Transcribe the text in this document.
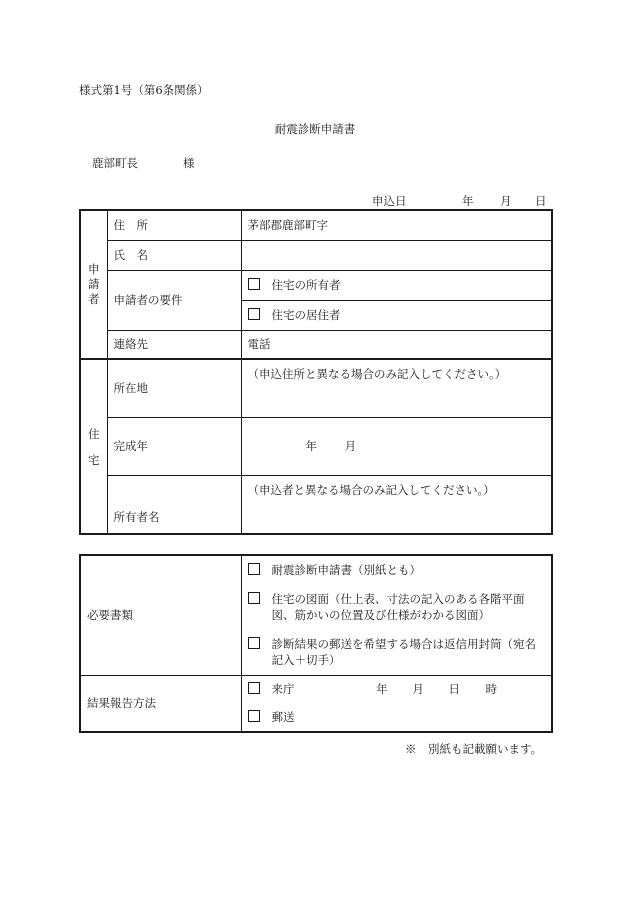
様式第1号（第6条関係）
耐震診断申請書
鹿部町長	様
申込日	年 月 日
申請者	住　所	茅部郡鹿部町字
	氏　名	
	申請者の要件	住宅の所有者
		住宅の居住者
	連絡先	電話
住宅	所在地	（申込住所と異なる場合のみ記入してください。）
	完成年	年 月
	所有者名	（申込者と異なる場合のみ記入してください。）
必要書類	耐震診断申請書（別紙とも）
住宅の図面（仕上表、寸法の記入のある各階平面図、筋かいの位置及び仕様がわかる図面）
診断結果の郵送を希望する場合は返信用封筒（宛名記入＋切手）

結果報告方法	来庁 年 月 日 時
郵送
※　別紙も記載願います。
